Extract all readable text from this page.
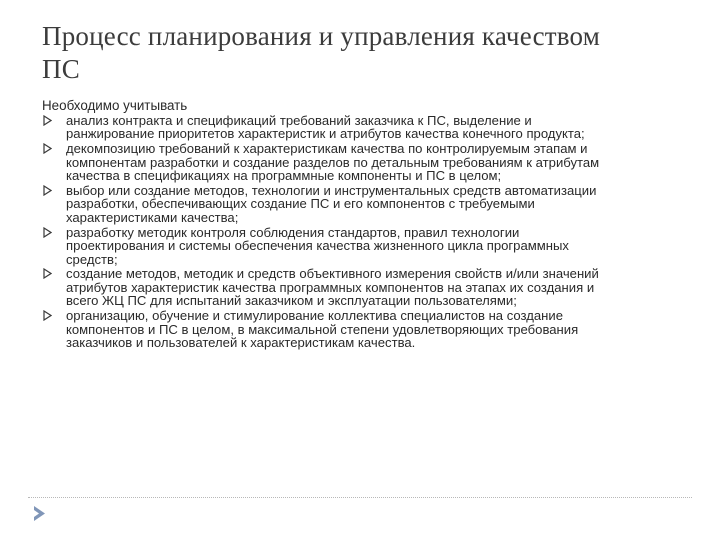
Процесс планирования и управления качеством
ПС
Необходимо учитывать
анализ контракта и спецификаций требований заказчика к ПС, выделение и
ранжирование приоритетов характеристик и атрибутов качества конечного продукта;
декомпозицию требований к характеристикам качества по контролируемым этапам и
компонентам разработки и создание разделов по детальным требованиям к атрибутам
качества в спецификациях на программные компоненты и ПС в целом;
выбор или создание методов, технологии и инструментальных средств автоматизации
разработки, обеспечивающих создание ПС и его компонентов с требуемыми
характеристиками качества;
разработку методик контроля соблюдения стандартов, правил технологии
проектирования и системы обеспечения качества жизненного цикла программных
средств;
создание методов, методик и средств объективного измерения свойств и/или значений
атрибутов характеристик качества программных компонентов на этапах их создания и
всего ЖЦ ПС для испытаний заказчиком и эксплуатации пользователями;
организацию, обучение и стимулирование коллектива специалистов на создание
компонентов и ПС в целом, в максимальной степени удовлетворяющих требования
заказчиков и пользователей к характеристикам качества.
